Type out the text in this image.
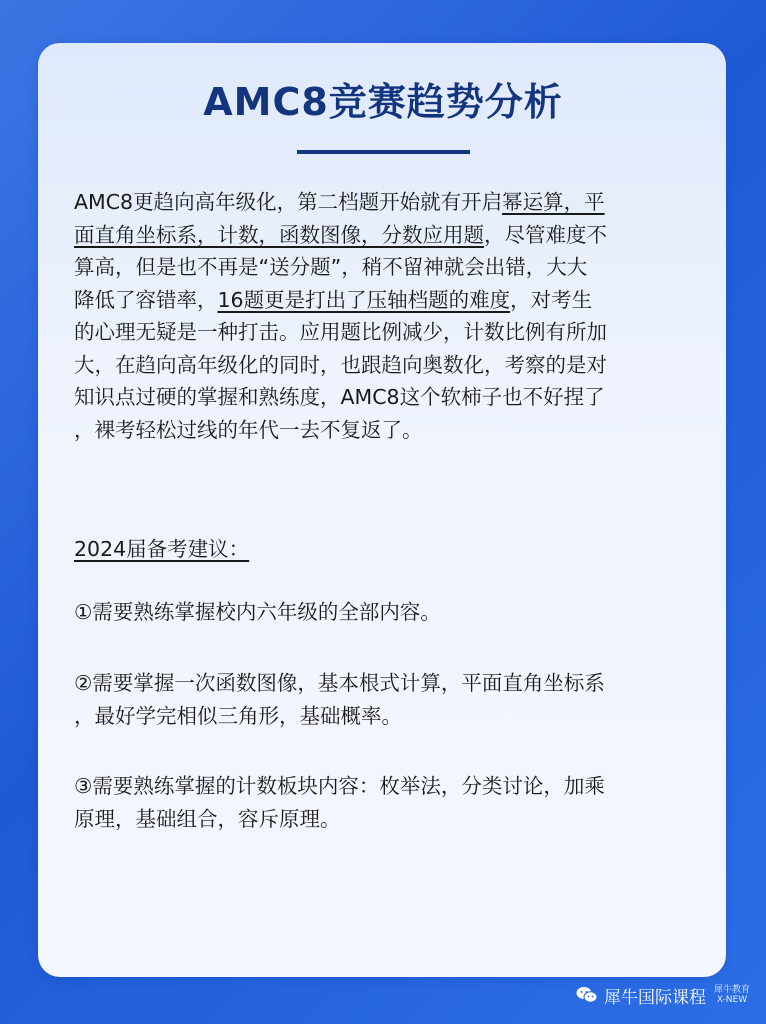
AMC8竞赛趋势分析
AMC8更趋向高年级化，第二档题开始就有开启幂运算，平
面直角坐标系，计数，函数图像，分数应用题，尽管难度不
算高，但是也不再是“送分题”，稍不留神就会出错，大大
降低了容错率，16题更是打出了压轴档题的难度，对考生
的心理无疑是一种打击。应用题比例减少，计数比例有所加
大，在趋向高年级化的同时，也跟趋向奥数化，考察的是对
知识点过硬的掌握和熟练度，AMC8这个软柿子也不好捏了
，裸考轻松过线的年代一去不复返了。
2024届备考建议：
①需要熟练掌握校内六年级的全部内容。
②需要掌握一次函数图像，基本根式计算，平面直角坐标系
，最好学完相似三角形，基础概率。
③需要熟练掌握的计数板块内容：枚举法，分类讨论，加乘
原理，基础组合，容斥原理。
犀牛国际课程 犀牛教育
X-NEW
